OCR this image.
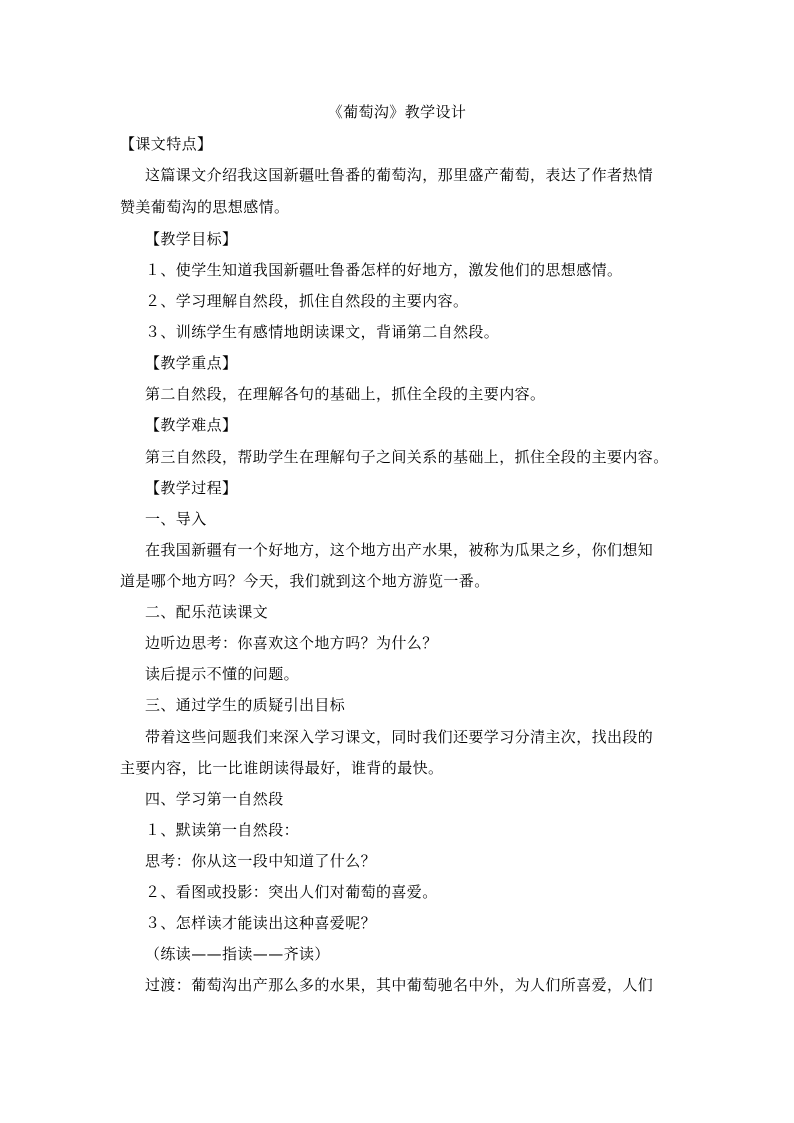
《葡萄沟》教学设计
【课文特点】
这篇课文介绍我这国新疆吐鲁番的葡萄沟，那里盛产葡萄，表达了作者热情
赞美葡萄沟的思想感情。
【教学目标】
１、使学生知道我国新疆吐鲁番怎样的好地方，激发他们的思想感情。
２、学习理解自然段，抓住自然段的主要内容。
３、训练学生有感情地朗读课文，背诵第二自然段。
【教学重点】
第二自然段，在理解各句的基础上，抓住全段的主要内容。
【教学难点】
第三自然段，帮助学生在理解句子之间关系的基础上，抓住全段的主要内容。
【教学过程】
一、导入
在我国新疆有一个好地方，这个地方出产水果，被称为瓜果之乡，你们想知
道是哪个地方吗？今天，我们就到这个地方游览一番。
二、配乐范读课文
边听边思考：你喜欢这个地方吗？为什么？
读后提示不懂的问题。
三、通过学生的质疑引出目标
带着这些问题我们来深入学习课文，同时我们还要学习分清主次，找出段的
主要内容，比一比谁朗读得最好，谁背的最快。
四、学习第一自然段
１、默读第一自然段：
思考：你从这一段中知道了什么？
２、看图或投影：突出人们对葡萄的喜爱。
３、怎样读才能读出这种喜爱呢？
（练读——指读——齐读）
过渡：葡萄沟出产那么多的水果，其中葡萄驰名中外，为人们所喜爱，人们
